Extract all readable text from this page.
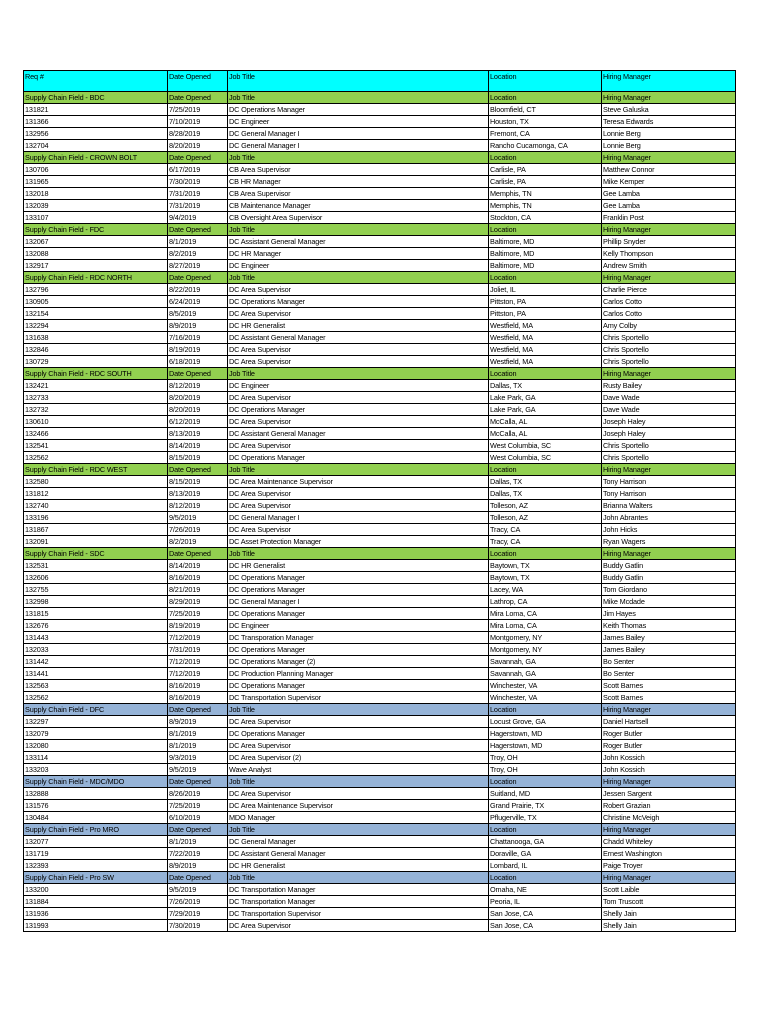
Req #	Date Opened	Job Title	Location	Hiring Manager
Supply Chain Field - BDC	Date Opened	Job Title	Location	Hiring Manager
131821	7/25/2019	DC Operations Manager	Bloomfield, CT	Steve Galuska
131366	7/10/2019	DC Engineer	Houston, TX	Teresa Edwards
132956	8/28/2019	DC General Manager I	Fremont, CA	Lonnie Berg
132704	8/20/2019	DC General Manager I	Rancho Cucamonga, CA	Lonnie Berg
Supply Chain Field - CROWN BOLT	Date Opened	Job Title	Location	Hiring Manager
130706	6/17/2019	CB Area Supervisor	Carlisle, PA	Matthew Connor
131965	7/30/2019	CB HR Manager	Carlisle, PA	Mike Kemper
132018	7/31/2019	CB Area Supervisor	Memphis, TN	Gee Lamba
132039	7/31/2019	CB Maintenance Manager	Memphis, TN	Gee Lamba
133107	9/4/2019	CB Oversight Area Supervisor	Stockton, CA	Franklin Post
Supply Chain Field - FDC	Date Opened	Job Title	Location	Hiring Manager
132067	8/1/2019	DC Assistant General Manager	Baltimore, MD	Phillip Snyder
132088	8/2/2019	DC HR Manager	Baltimore, MD	Kelly Thompson
132917	8/27/2019	DC Engineer	Baltimore, MD	Andrew Smith
Supply Chain Field - RDC NORTH	Date Opened	Job Title	Location	Hiring Manager
132796	8/22/2019	DC Area Supervisor	Joliet, IL	Charlie Pierce
130905	6/24/2019	DC Operations Manager	Pittston, PA	Carlos Cotto
132154	8/5/2019	DC Area Supervisor	Pittston, PA	Carlos Cotto
132294	8/9/2019	DC HR Generalist	Westfield, MA	Amy Colby
131638	7/16/2019	DC Assistant General Manager	Westfield, MA	Chris Sportello
132846	8/19/2019	DC Area Supervisor	Westfield, MA	Chris Sportello
130729	6/18/2019	DC Area Supervisor	Westfield, MA	Chris Sportello
Supply Chain Field - RDC SOUTH	Date Opened	Job Title	Location	Hiring Manager
132421	8/12/2019	DC Engineer	Dallas, TX	Rusty Bailey
132733	8/20/2019	DC Area Supervisor	Lake Park, GA	Dave Wade
132732	8/20/2019	DC Operations Manager	Lake Park, GA	Dave Wade
130610	6/12/2019	DC Area Supervisor	McCalla, AL	Joseph Haley
132466	8/13/2019	DC Assistant General Manager	McCalla, AL	Joseph Haley
132541	8/14/2019	DC Area Supervisor	West Columbia, SC	Chris Sportello
132562	8/15/2019	DC Operations Manager	West Columbia, SC	Chris Sportello
Supply Chain Field - RDC WEST	Date Opened	Job Title	Location	Hiring Manager
132580	8/15/2019	DC Area Maintenance Supervisor	Dallas, TX	Tony Harrison
131812	8/13/2019	DC Area Supervisor	Dallas, TX	Tony Harrison
132740	8/12/2019	DC Area Supervisor	Tolleson, AZ	Brianna Walters
133196	9/5/2019	DC General Manager I	Tolleson, AZ	John Abrantes
131867	7/26/2019	DC Area Supervisor	Tracy, CA	John Hicks
132091	8/2/2019	DC Asset Protection Manager	Tracy, CA	Ryan Wagers
Supply Chain Field - SDC	Date Opened	Job Title	Location	Hiring Manager
132531	8/14/2019	DC HR Generalist	Baytown, TX	Buddy Gatlin
132606	8/16/2019	DC Operations Manager	Baytown, TX	Buddy Gatlin
132755	8/21/2019	DC Operations Manager	Lacey, WA	Tom Giordano
132998	8/29/2019	DC General Manager I	Lathrop, CA	Mike Mcdade
131815	7/25/2019	DC Operations Manager	Mira Loma, CA	Jim Hayes
132676	8/19/2019	DC Engineer	Mira Loma, CA	Keith Thomas
131443	7/12/2019	DC Transporation Manager	Montgomery, NY	James Bailey
132033	7/31/2019	DC Operations Manager	Montgomery, NY	James Bailey
131442	7/12/2019	DC Operations Manager (2)	Savannah, GA	Bo Senter
131441	7/12/2019	DC Production Planning Manager	Savannah, GA	Bo Senter
132563	8/16/2019	DC Operations Manager	Winchester, VA	Scott Barnes
132562	8/16/2019	DC Transportation Supervisor	Winchester, VA	Scott Barnes
Supply Chain Field - DFC	Date Opened	Job Title	Location	Hiring Manager
132297	8/9/2019	DC Area Supervisor	Locust Grove, GA	Daniel Hartsell
132079	8/1/2019	DC Operations Manager	Hagerstown, MD	Roger Butler
132080	8/1/2019	DC Area Supervisor	Hagerstown, MD	Roger Butler
133114	9/3/2019	DC Area Supervisor (2)	Troy, OH	John Kossich
133203	9/5/2019	Wave Analyst	Troy, OH	John Kossich
Supply Chain Field - MDC/MDO	Date Opened	Job Title	Location	Hiring Manager
132888	8/26/2019	DC Area Supervisor	Suitland, MD	Jessen Sargent
131576	7/25/2019	DC Area Maintenance Supervisor	Grand Prairie, TX	Robert Grazian
130484	6/10/2019	MDO Manager	Pflugerville, TX	Christine McVeigh
Supply Chain Field - Pro MRO	Date Opened	Job Title	Location	Hiring Manager
132077	8/1/2019	DC General Manager	Chattanooga, GA	Chadd Whiteley
131719	7/22/2019	DC Assistant General Manager	Doraville, GA	Ernest Washington
132393	8/9/2019	DC HR Generalist	Lombard, IL	Paige Troyer
Supply Chain Field - Pro SW	Date Opened	Job Title	Location	Hiring Manager
133200	9/5/2019	DC Transportation Manager	Omaha, NE	Scott Laible
131884	7/26/2019	DC Transportation Manager	Peoria, IL	Tom Truscott
131936	7/29/2019	DC Transportation Supervisor	San Jose, CA	Shelly Jain
131993	7/30/2019	DC Area Supervisor	San Jose, CA	Shelly Jain
